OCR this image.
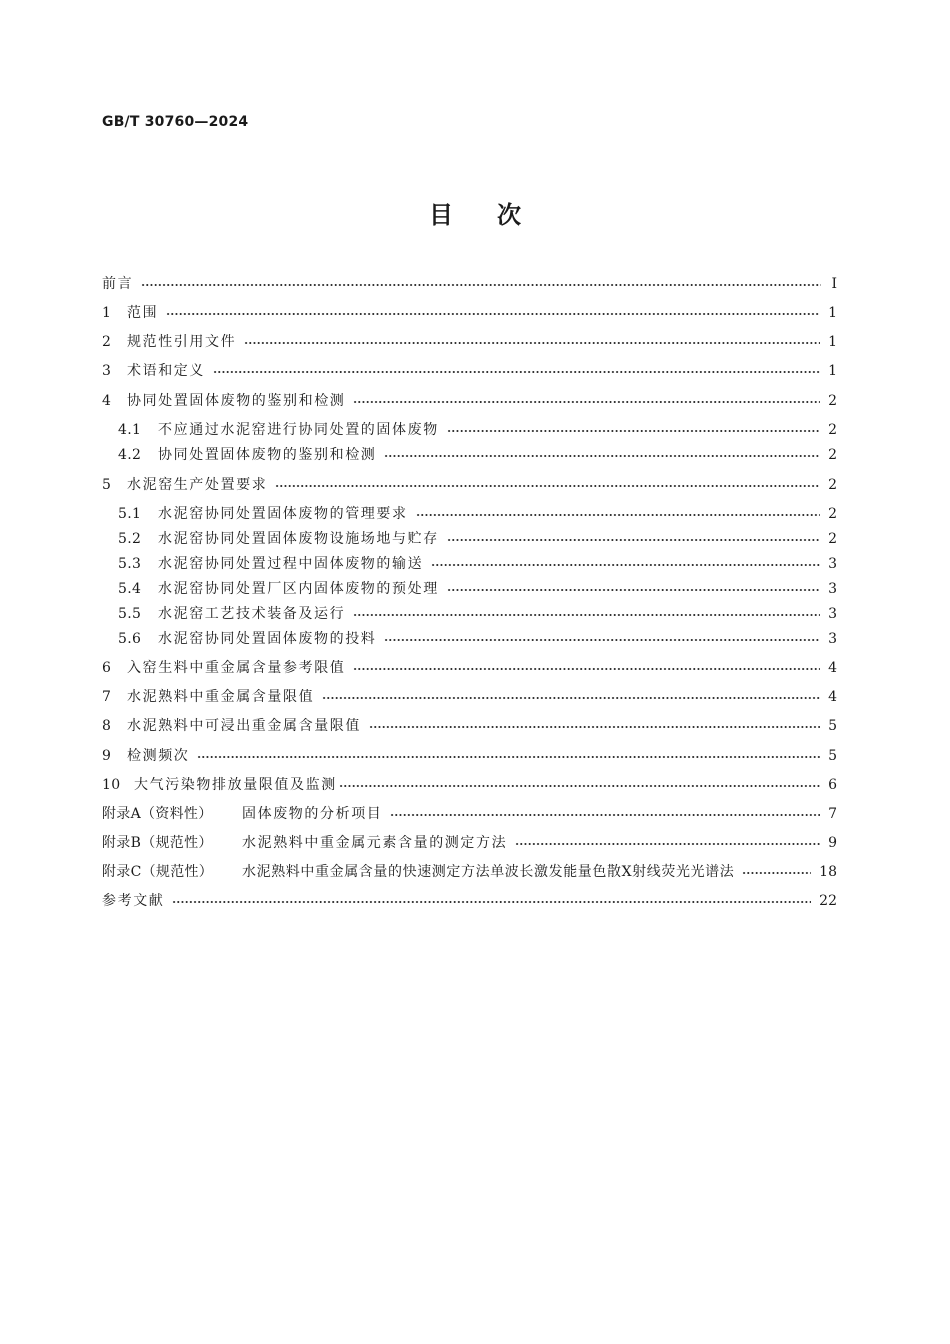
GB/T 30760—2024
目 次
前言	Ⅰ
1	范围	1
2	规范性引用文件	1
3	术语和定义	1
4	协同处置固体废物的鉴别和检测	2
4.1	不应通过水泥窑进行协同处置的固体废物	2
4.2	协同处置固体废物的鉴别和检测	2
5	水泥窑生产处置要求	2
5.1	水泥窑协同处置固体废物的管理要求	2
5.2	水泥窑协同处置固体废物设施场地与贮存	2
5.3	水泥窑协同处置过程中固体废物的输送	3
5.4	水泥窑协同处置厂区内固体废物的预处理	3
5.5	水泥窑工艺技术装备及运行	3
5.6	水泥窑协同处置固体废物的投料	3
6	入窑生料中重金属含量参考限值	4
7	水泥熟料中重金属含量限值	4
8	水泥熟料中可浸出重金属含量限值	5
9	检测频次	5
10 大气污染物排放量限值及监测	6
附录A（资料性）	固体废物的分析项目	7
附录B（规范性）	水泥熟料中重金属元素含量的测定方法	9
附录C（规范性）	水泥熟料中重金属含量的快速测定方法单波长激发能量色散X射线荧光光谱法	18
参考文献	22
